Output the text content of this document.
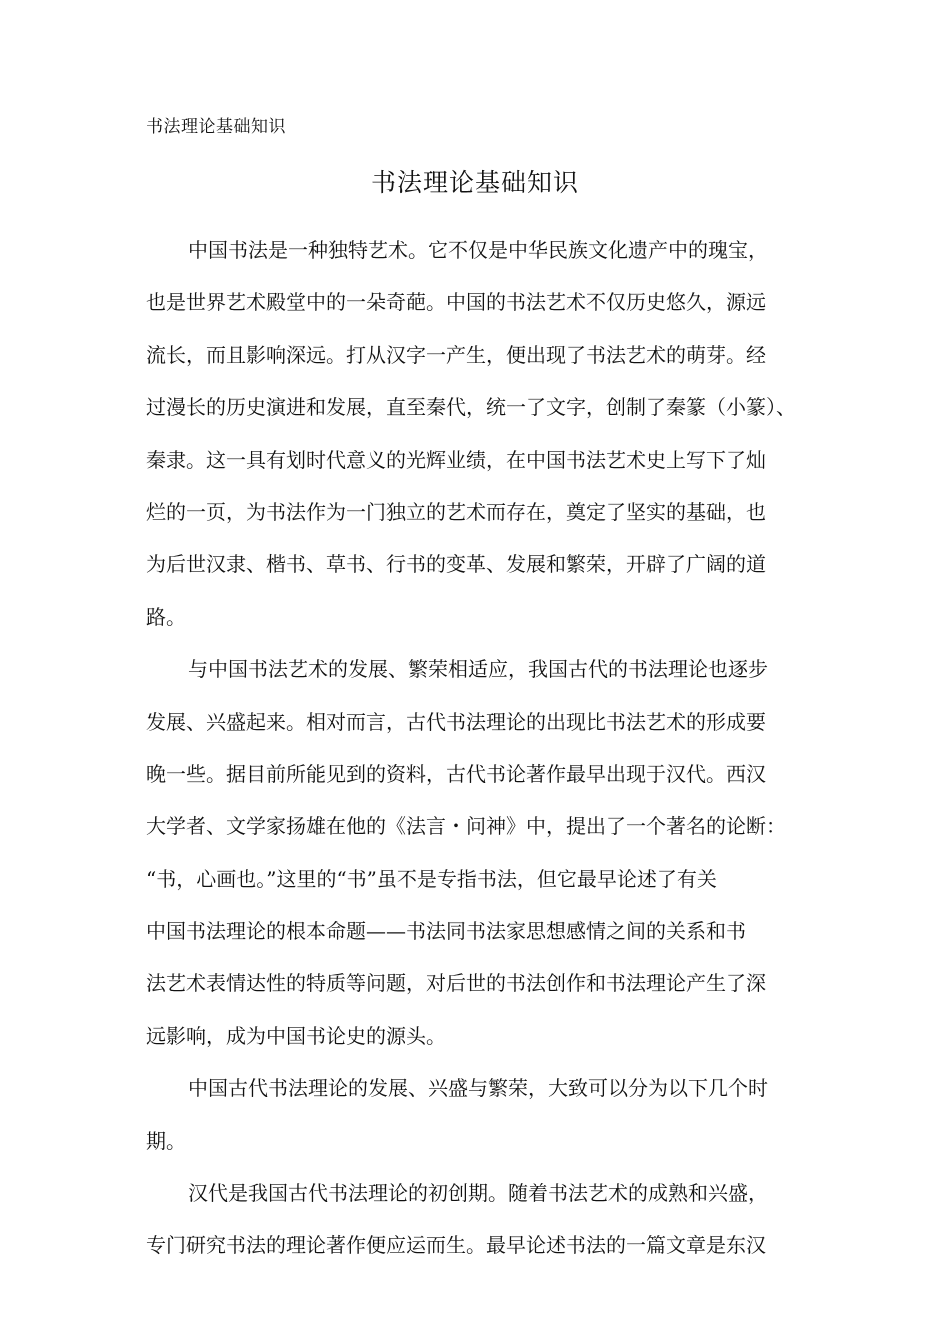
书法理论基础知识
书法理论基础知识
中国书法是一种独特艺术。它不仅是中华民族文化遗产中的瑰宝，
也是世界艺术殿堂中的一朵奇葩。中国的书法艺术不仅历史悠久，源远
流长，而且影响深远。打从汉字一产生，便出现了书法艺术的萌芽。经
过漫长的历史演进和发展，直至秦代，统一了文字，创制了秦篆（小篆）、
秦隶。这一具有划时代意义的光辉业绩，在中国书法艺术史上写下了灿
烂的一页，为书法作为一门独立的艺术而存在，奠定了坚实的基础，也
为后世汉隶、楷书、草书、行书的变革、发展和繁荣，开辟了广阔的道
路。
与中国书法艺术的发展、繁荣相适应，我国古代的书法理论也逐步
发展、兴盛起来。相对而言，古代书法理论的出现比书法艺术的形成要
晚一些。据目前所能见到的资料，古代书论著作最早出现于汉代。西汉
大学者、文学家扬雄在他的《法言・问神》中，提出了一个著名的论断：
“书，心画也。”这里的“书”虽不是专指书法，但它最早论述了有关
中国书法理论的根本命题——书法同书法家思想感情之间的关系和书
法艺术表情达性的特质等问题，对后世的书法创作和书法理论产生了深
远影响，成为中国书论史的源头。
中国古代书法理论的发展、兴盛与繁荣，大致可以分为以下几个时
期。
汉代是我国古代书法理论的初创期。随着书法艺术的成熟和兴盛，
专门研究书法的理论著作便应运而生。最早论述书法的一篇文章是东汉
